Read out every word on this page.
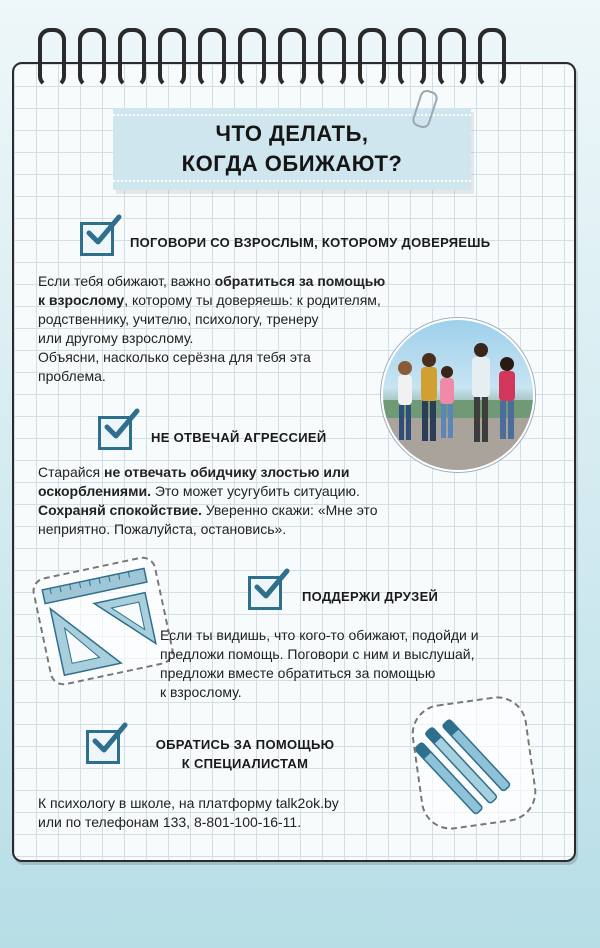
ЧТО ДЕЛАТЬ,
КОГДА ОБИЖАЮТ?
ПОГОВОРИ СО ВЗРОСЛЫМ, КОТОРОМУ ДОВЕРЯЕШЬ
Если тебя обижают, важно обратиться за помощью
к взрослому, которому ты доверяешь: к родителям,
родственнику, учителю, психологу, тренеру
или другому взрослому.
Объясни, насколько серёзна для тебя эта
проблема.
НЕ ОТВЕЧАЙ АГРЕССИЕЙ
Старайся не отвечать обидчику злостью или
оскорблениями. Это может усугубить ситуацию.
Сохраняй спокойствие. Уверенно скажи: «Мне это
неприятно. Пожалуйста, остановись».
ПОДДЕРЖИ ДРУЗЕЙ
Если ты видишь, что кого-то обижают, подойди и
предложи помощь. Поговори с ним и выслушай,
предложи вместе обратиться за помощью
к взрослому.
ОБРАТИСЬ ЗА ПОМОЩЬЮ
К СПЕЦИАЛИСТАМ
К психологу в школе, на платформу talk2ok.by
или по телефонам 133, 8-801-100-16-11.
